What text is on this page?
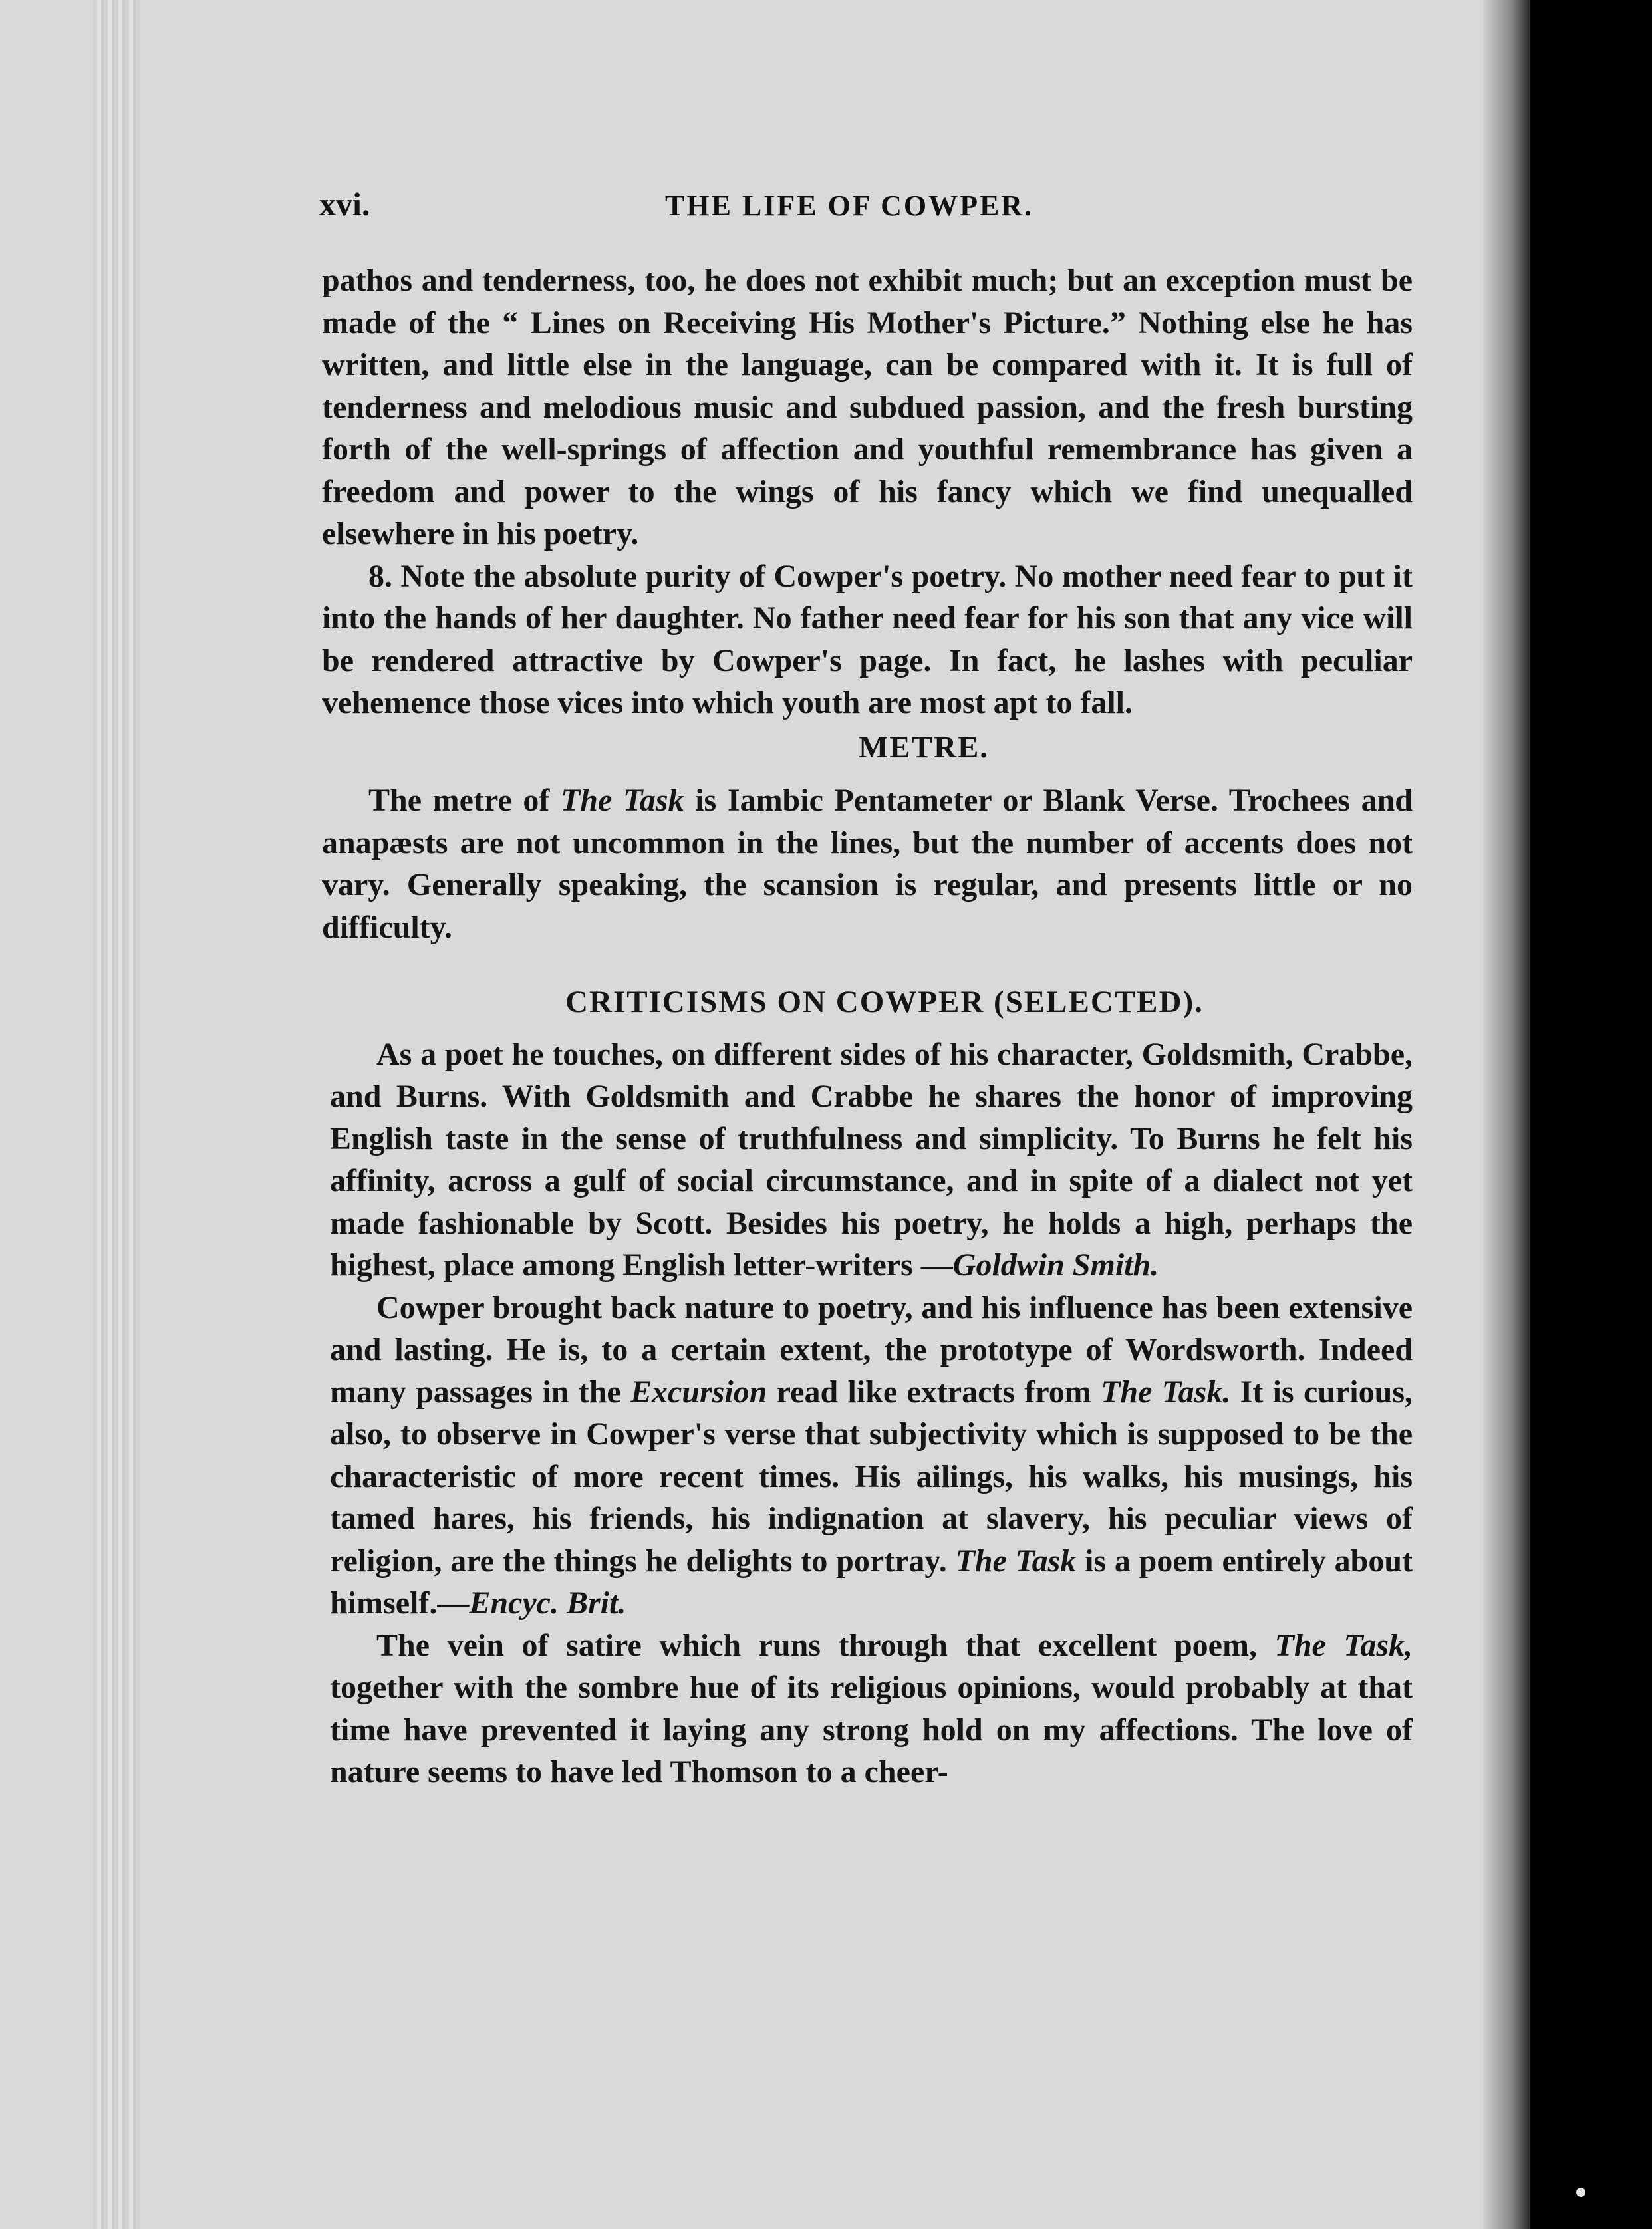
xvi.	THE LIFE OF COWPER.

pathos and tenderness, too, he does not exhibit much; but an exception must be made of the “ Lines on Receiving His Mother's Picture.” Nothing else he has written, and little else in the language, can be compared with it. It is full of tenderness and melodious music and subdued passion, and the fresh bursting forth of the well-springs of affection and youthful remembrance has given a freedom and power to the wings of his fancy which we find unequalled elsewhere in his poetry.

8. Note the absolute purity of Cowper's poetry. No mother need fear to put it into the hands of her daughter. No father need fear for his son that any vice will be rendered attractive by Cowper's page. In fact, he lashes with peculiar vehemence those vices into which youth are most apt to fall.

METRE.

The metre of The Task is Iambic Pentameter or Blank Verse. Trochees and anapæsts are not uncommon in the lines, but the number of accents does not vary. Generally speaking, the scansion is regular, and presents little or no difficulty.

CRITICISMS ON COWPER (SELECTED).

As a poet he touches, on different sides of his character, Goldsmith, Crabbe, and Burns. With Goldsmith and Crabbe he shares the honor of improving English taste in the sense of truthfulness and simplicity. To Burns he felt his affinity, across a gulf of social circumstance, and in spite of a dialect not yet made fashionable by Scott. Besides his poetry, he holds a high, perhaps the highest, place among English letter-writers —Goldwin Smith.

Cowper brought back nature to poetry, and his influence has been extensive and lasting. He is, to a certain extent, the prototype of Wordsworth. Indeed many passages in the Excursion read like extracts from The Task. It is curious, also, to observe in Cowper's verse that subjectivity which is supposed to be the characteristic of more recent times. His ailings, his walks, his musings, his tamed hares, his friends, his indignation at slavery, his peculiar views of religion, are the things he delights to portray. The Task is a poem entirely about himself.—Encyc. Brit.

The vein of satire which runs through that excellent poem, The Task, together with the sombre hue of its religious opinions, would probably at that time have prevented it laying any strong hold on my affections. The love of nature seems to have led Thomson to a cheer-
